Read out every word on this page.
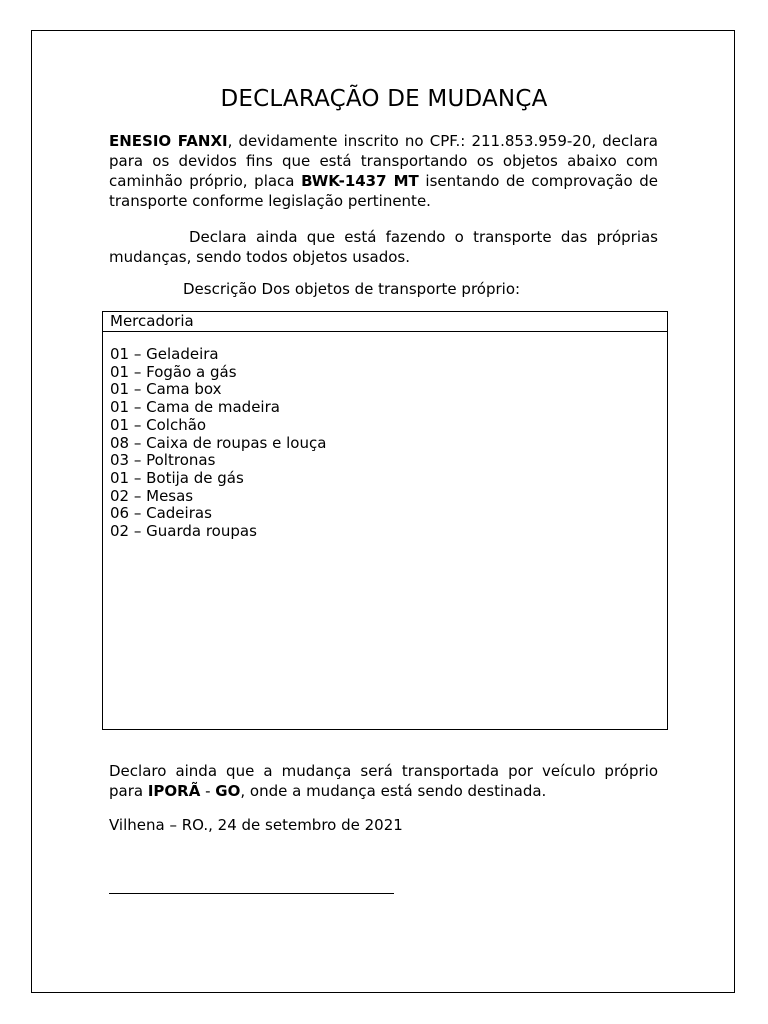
DECLARAÇÃO DE MUDANÇA
ENESIO FANXI, devidamente inscrito no CPF.: 211.853.959-20, declara para os devidos fins que está transportando os objetos abaixo com caminhão próprio, placa BWK-1437 MT isentando de comprovação de transporte conforme legislação pertinente.
Declara ainda que está fazendo o transporte das próprias mudanças, sendo todos objetos usados.
Descrição Dos objetos de transporte próprio:
Mercadoria
01 – Geladeira
01 – Fogão a gás
01 – Cama box
01 – Cama de madeira
01 – Colchão
08 – Caixa de roupas e louça
03 – Poltronas
01 – Botija de gás
02 – Mesas
06 – Cadeiras
02 – Guarda roupas
Declaro ainda que a mudança será transportada por veículo próprio para IPORÃ - GO, onde a mudança está sendo destinada.
Vilhena – RO., 24 de setembro de 2021
